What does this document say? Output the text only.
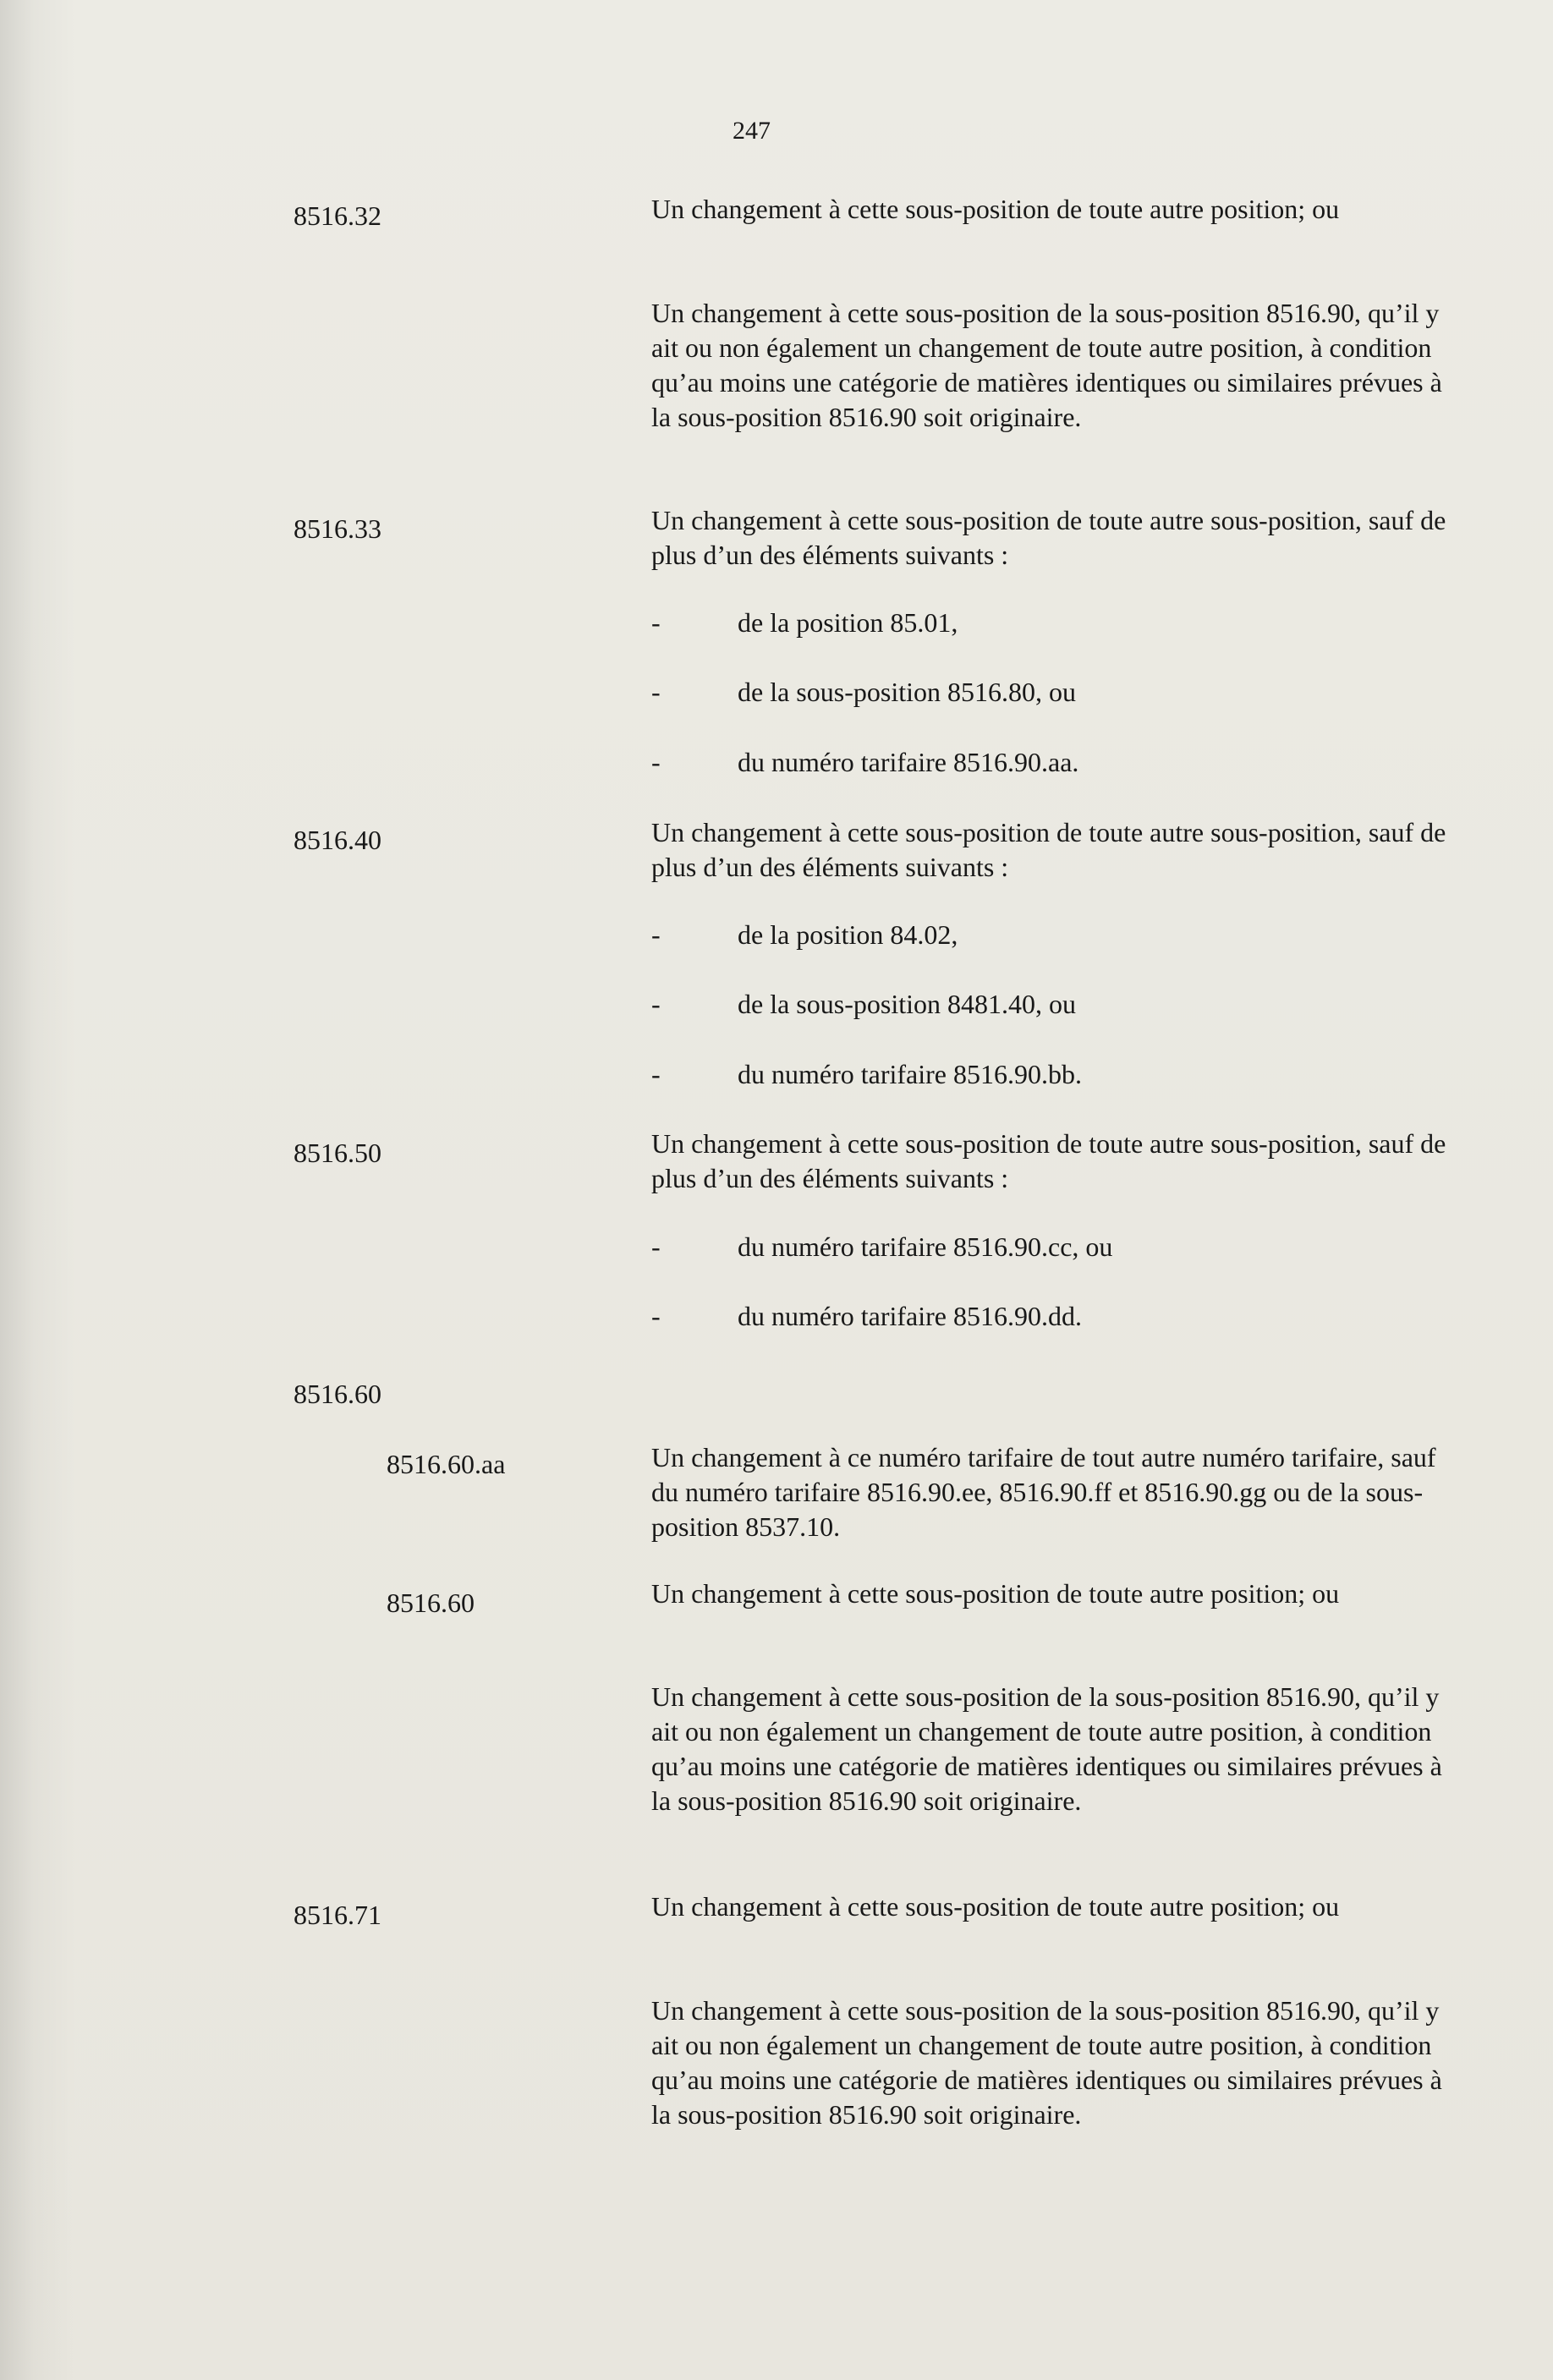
247
8516.32	Un changement à cette sous-position de toute autre position; ou
Un changement à cette sous-position de la sous-position 8516.90, qu’il y ait ou non également un changement de toute autre position, à condition qu’au moins une catégorie de matières identiques ou similaires prévues à la sous-position 8516.90 soit originaire.
8516.33	Un changement à cette sous-position de toute autre sous-position, sauf de plus d’un des éléments suivants :
-	de la position 85.01,
-	de la sous-position 8516.80, ou
-	du numéro tarifaire 8516.90.aa.
8516.40	Un changement à cette sous-position de toute autre sous-position, sauf de plus d’un des éléments suivants :
-	de la position 84.02,
-	de la sous-position 8481.40, ou
-	du numéro tarifaire 8516.90.bb.
8516.50	Un changement à cette sous-position de toute autre sous-position, sauf de plus d’un des éléments suivants :
-	du numéro tarifaire 8516.90.cc, ou
-	du numéro tarifaire 8516.90.dd.
8516.60
8516.60.aa	Un changement à ce numéro tarifaire de tout autre numéro tarifaire, sauf du numéro tarifaire 8516.90.ee, 8516.90.ff et 8516.90.gg ou de la sous-position 8537.10.
8516.60	Un changement à cette sous-position de toute autre position; ou
Un changement à cette sous-position de la sous-position 8516.90, qu’il y ait ou non également un changement de toute autre position, à condition qu’au moins une catégorie de matières identiques ou similaires prévues à la sous-position 8516.90 soit originaire.
8516.71	Un changement à cette sous-position de toute autre position; ou
Un changement à cette sous-position de la sous-position 8516.90, qu’il y ait ou non également un changement de toute autre position, à condition qu’au moins une catégorie de matières identiques ou similaires prévues à la sous-position 8516.90 soit originaire.
